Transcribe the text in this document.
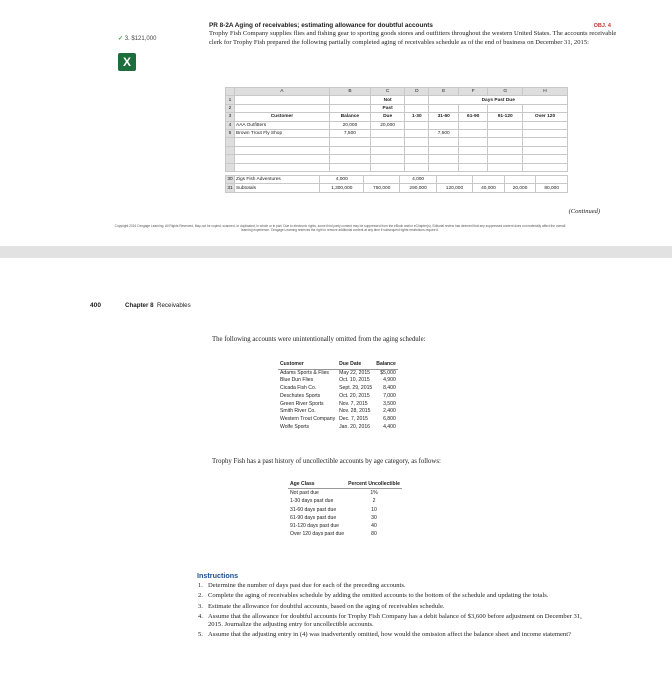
✓ 3. $121,000
X
PR 8-2A Aging of receivables; estimating allowance for doubtful accounts	OBJ. 4

Trophy Fish Company supplies flies and fishing gear to sporting goods stores and outfitters throughout the western United States. The accounts receivable clerk for Trophy Fish prepared the following partially completed aging of receivables schedule as of the end of business on December 31, 2015:
	A	B	C	D	E	F	G	H
1			Not		Days Past Due			
2			Past					
3	Customer	Balance	Due	1-30	31-60	61-90	91-120	Over 120
4	AAA Outfitters	20,000	20,000					
5	Brown Trout Fly Shop	7,500			7,500			

30	Zigs Fish Adventures	4,000		4,000				
31	Subtotals	1,300,000	750,000	290,000	120,000	40,000	20,000	80,000
(Continued)
Copyright 2016 Cengage Learning. All Rights Reserved. May not be copied, scanned, or duplicated, in whole or in part. Due to electronic rights, some third party content may be suppressed from the eBook and/or eChapter(s). Editorial review has deemed that any suppressed content does not materially affect the overall learning experience. Cengage Learning reserves the right to remove additional content at any time if subsequent rights restrictions require it.
400	Chapter 8 Receivables
The following accounts were unintentionally omitted from the aging schedule:
Customer	Due Date	Balance
Adams Sports & Flies	May 22, 2015	$5,000
Blue Dun Flies	Oct. 10, 2015	4,900
Cicada Fish Co.	Sept. 29, 2015	8,400
Deschutes Sports	Oct. 20, 2015	7,000
Green River Sports	Nov. 7, 2015	3,500
Smith River Co.	Nov. 28, 2015	2,400
Western Trout Company	Dec. 7, 2015	6,800
Wolfe Sports	Jan. 20, 2016	4,400
Trophy Fish has a past history of uncollectible accounts by age category, as follows:
Age Class	Percent Uncollectible
Not past due	1%
1-30 days past due	2
31-60 days past due	10
61-90 days past due	30
91-120 days past due	40
Over 120 days past due	80
Instructions
1. Determine the number of days past due for each of the preceding accounts.
2. Complete the aging of receivables schedule by adding the omitted accounts to the bottom of the schedule and updating the totals.
3. Estimate the allowance for doubtful accounts, based on the aging of receivables schedule.
4. Assume that the allowance for doubtful accounts for Trophy Fish Company has a debit balance of $3,600 before adjustment on December 31, 2015. Journalize the adjusting entry for uncollectible accounts.
5. Assume that the adjusting entry in (4) was inadvertently omitted, how would the omission affect the balance sheet and income statement?
